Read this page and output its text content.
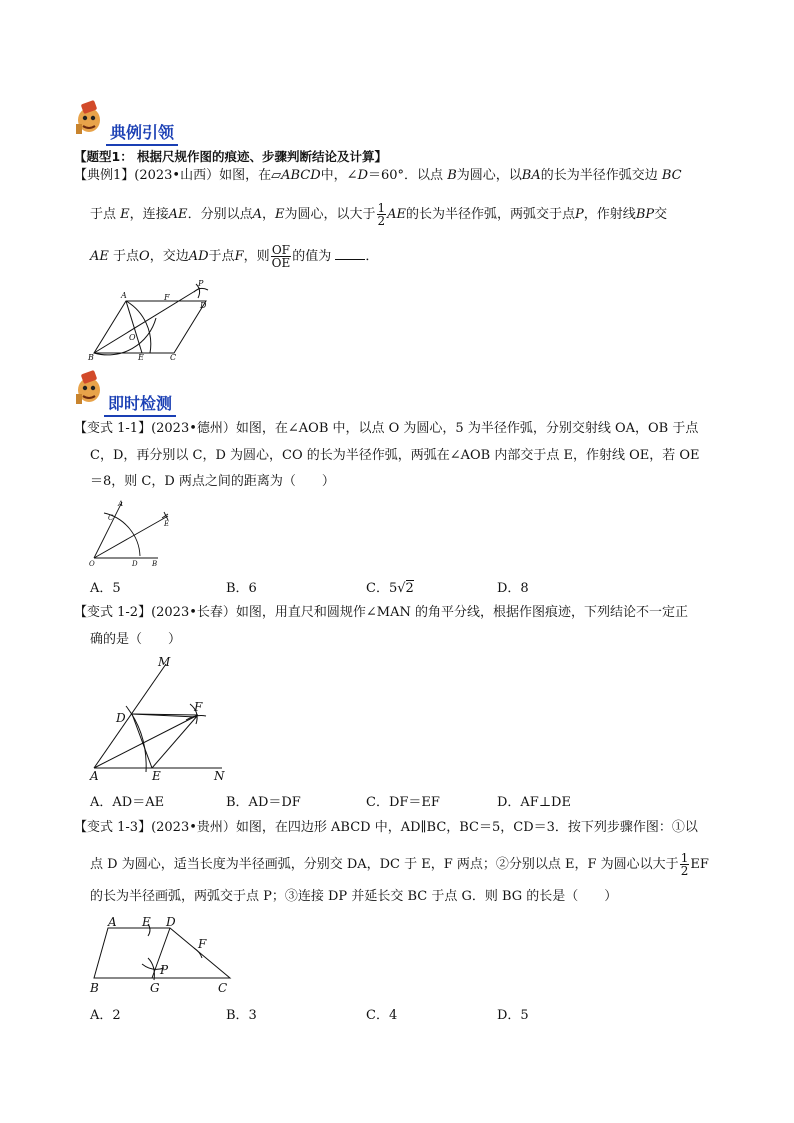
典例引领
【题型1： 根据尺规作图的痕迹、步骤判断结论及计算】
【典例1】(2023•山西）如图，在▱ABCD中，∠D＝60°．以点 B为圆心，以BA的长为半径作弧交边 BC
于点 E，连接AE．分别以点A，E为圆心，以大于 $\frac{1}{2}$ AE的长为半径作弧，两弧交于点P，作射线BP交
AE 于点O，交边AD于点F，则 $\frac{OF}{OE}$ 的值为	．
A	F
D
P
O
B	E	C
即时检测
【变式 1-1】(2023•德州）如图，在∠AOB 中，以点 O 为圆心，5 为半径作弧，分别交射线 OA，OB 于点
C，D，再分别以 C，D 为圆心，CO 的长为半径作弧，两弧在∠AOB 内部交于点 E，作射线 OE，若 OE
＝8，则 C，D 两点之间的距离为（　　）
A
C
E
O	D B
A．5	B．6	C．5√2	D．8
【变式 1-2】(2023•长春）如图，用直尺和圆规作∠MAN 的角平分线，根据作图痕迹，下列结论不一定正
确的是（　　）
M
D
F
A	E	N
A．AD＝AE	B．AD＝DF	C．DF＝EF	D．AF⊥DE
【变式 1-3】(2023•贵州）如图，在四边形 ABCD 中，AD∥BC，BC＝5，CD＝3．按下列步骤作图：①以
点 D 为圆心，适当长度为半径画弧，分别交 DA，DC 于 E，F 两点；②分别以点 E，F 为圆心以大于 $\frac{1}{2}$ EF
的长为半径画弧，两弧交于点 P；③连接 DP 并延长交 BC 于点 G．则 BG 的长是（　　）
A E D
F
P
B	G	C
A．2	B．3	C．4	D．5
